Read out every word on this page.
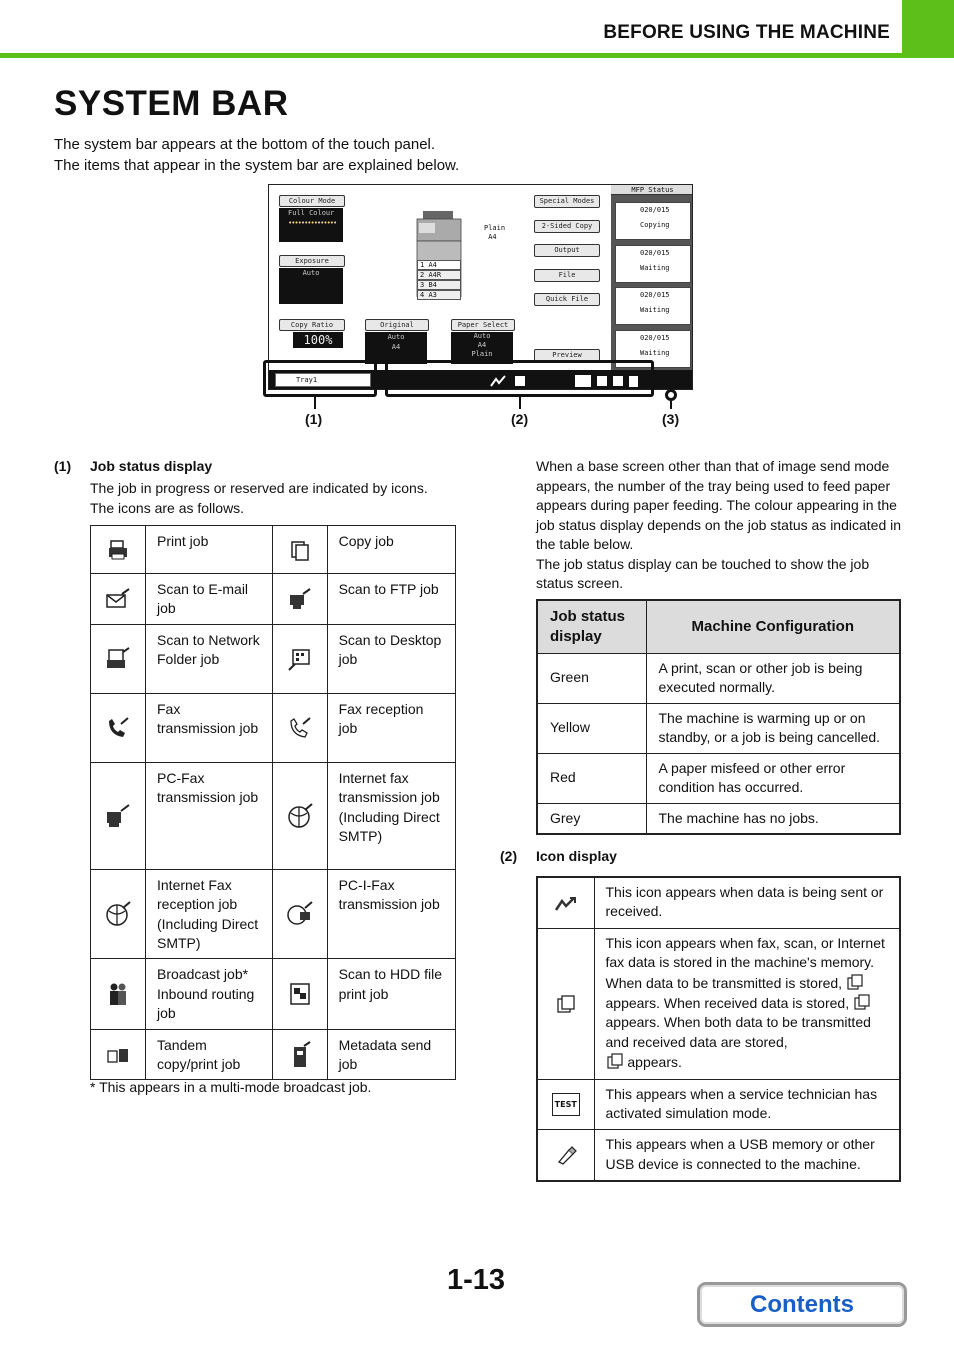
BEFORE USING THE MACHINE
SYSTEM BAR
The system bar appears at the bottom of the touch panel.
The items that appear in the system bar are explained below.
Colour Mode
Full Colour
•••••••••••••••
Exposure
Auto
Copy Ratio
100%
Original
Auto
A4
Paper Select
Auto
A4
Plain
1 A4
2 A4R
3 B4
4 A3
Plain
A4
Special Modes
2-Sided Copy
Output
File
Quick File
Preview
MFP Status
020/015
Copying
020/015
Waiting
020/015
Waiting
020/015
Waiting
Tray1
(1)	(2)	(3)
(1) Job status display
The job in progress or reserved are indicated by icons.
The icons are as follows.
	Print job		Copy job
	Scan to E-mail job		Scan to FTP job
	Scan to Network Folder job		Scan to Desktop job
	Fax transmission job		Fax reception job
	PC-Fax transmission job		Internet fax transmission job (Including Direct SMTP)
	Internet Fax reception job (Including Direct SMTP)		PC-I-Fax transmission job
	Broadcast job* Inbound routing job		Scan to HDD file print job
	Tandem copy/print job		Metadata send job
* This appears in a multi-mode broadcast job.
When a base screen other than that of image send mode appears, the number of the tray being used to feed paper appears during paper feeding. The colour appearing in the job status display depends on the job status as indicated in the table below.
The job status display can be touched to show the job status screen.
Job status display	Machine Configuration
Green	A print, scan or other job is being executed normally.
Yellow	The machine is warming up or on standby, or a job is being cancelled.
Red	A paper misfeed or other error condition has occurred.
Grey	The machine has no jobs.
(2) Icon display
	This icon appears when data is being sent or received.
	This icon appears when fax, scan, or Internet fax data is stored in the machine's memory. When data to be transmitted is stored,  appears. When received data is stored,  appears. When both data to be transmitted and received data are stored,
appears.
TEST	This appears when a service technician has activated simulation mode.
	This appears when a USB memory or other USB device is connected to the machine.
1-13
Contents
